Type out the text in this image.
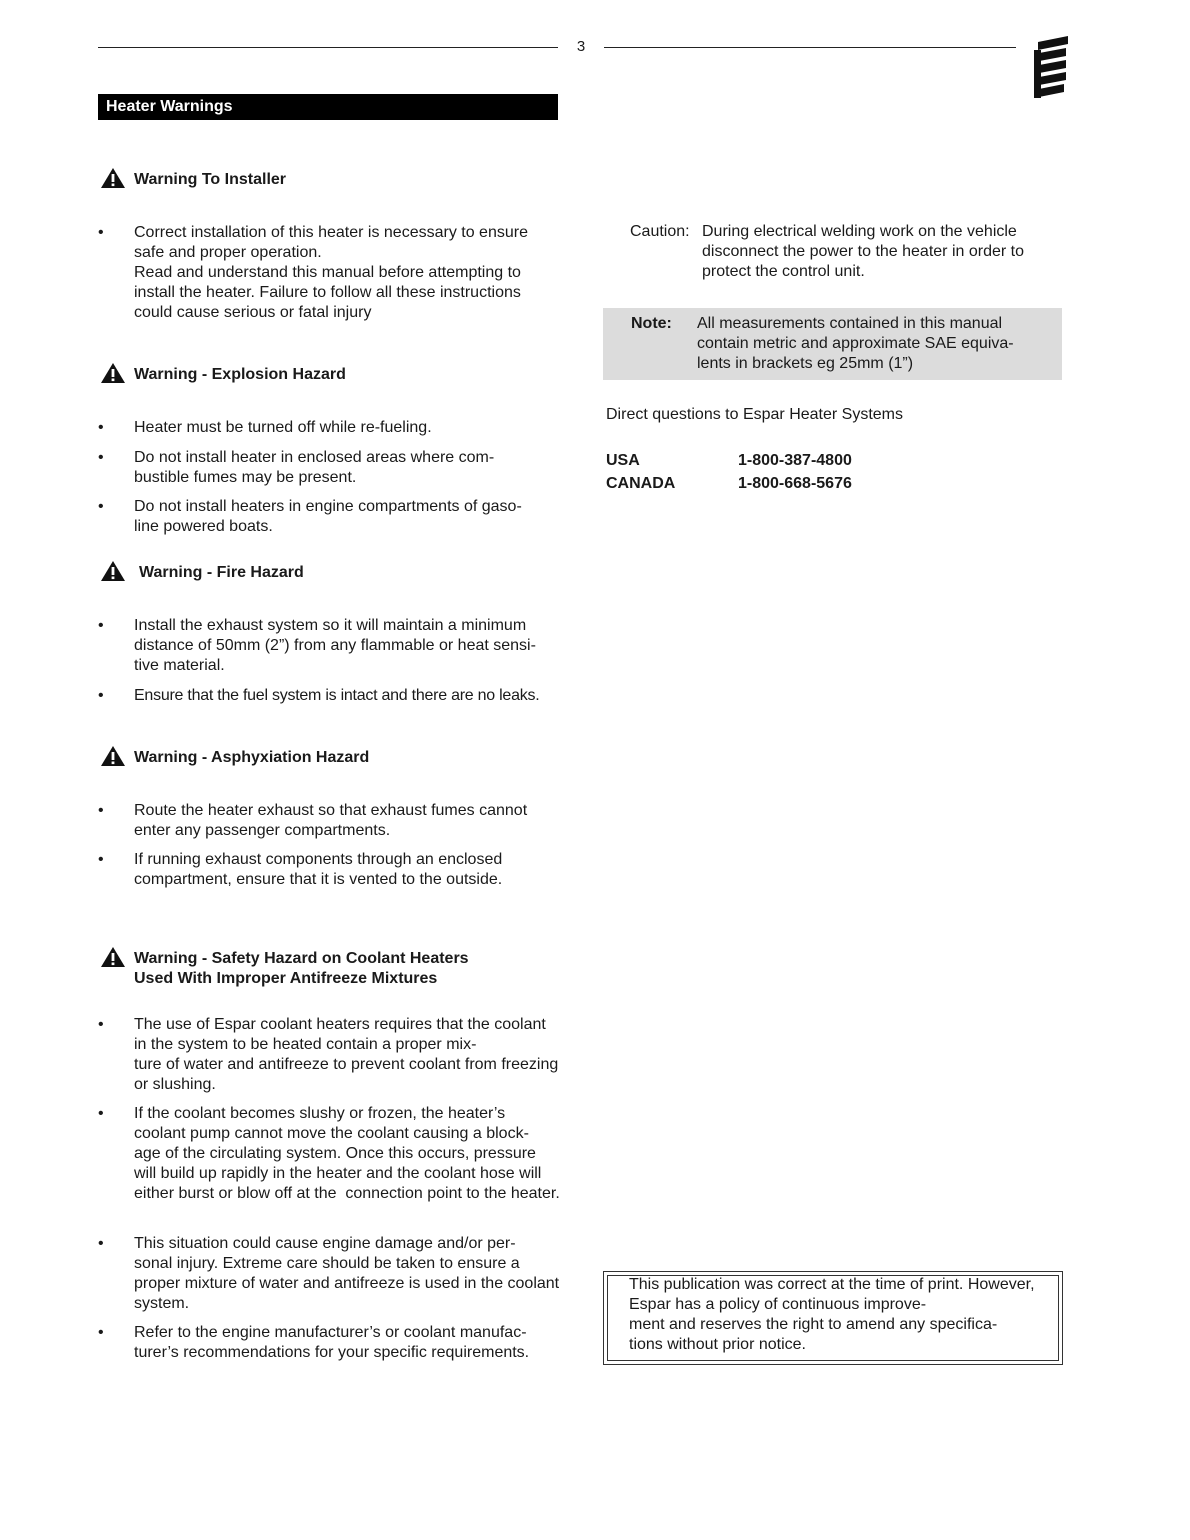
3
Heater Warnings
Warning To Installer
• Correct installation of this heater is necessary to ensure safe and proper operation.
Read and understand this manual before attempting to install the heater. Failure to follow all these instructions could cause serious or fatal injury
Warning - Explosion Hazard
• Heater must be turned off while re-fueling.
• Do not install heater in enclosed areas where com-
bustible fumes may be present.
• Do not install heaters in engine compartments of gaso-
line powered boats.
Warning - Fire Hazard
• Install the exhaust system so it will maintain a minimum distance of 50mm (2”) from any flammable or heat sensi-
tive material.
• Ensure that the fuel system is intact and there are no leaks.
Warning - Asphyxiation Hazard
• Route the heater exhaust so that exhaust fumes cannot enter any passenger compartments.
• If running exhaust components through an enclosed compartment, ensure that it is vented to the outside.
Warning - Safety Hazard on Coolant Heaters
Used With Improper Antifreeze Mixtures
• The use of Espar coolant heaters requires that the coolant in the system to be heated contain a proper mix-
ture of water and antifreeze to prevent coolant from freezing or slushing.
• If the coolant becomes slushy or frozen, the heater’s coolant pump cannot move the coolant causing a block-
age of the circulating system. Once this occurs, pressure will build up rapidly in the heater and the coolant hose will either burst or blow off at the  connection point to the heater.
• This situation could cause engine damage and/or per-
sonal injury. Extreme care should be taken to ensure a proper mixture of water and antifreeze is used in the coolant system.
• Refer to the engine manufacturer’s or coolant manufac-
turer’s recommendations for your specific requirements.
Caution: During electrical welding work on the vehicle disconnect the power to the heater in order to protect the control unit.
Note: All measurements contained in this manual contain metric and approximate SAE equiva-
lents in brackets eg 25mm (1”)
Direct questions to Espar Heater Systems
USA	1-800-387-4800
CANADA	1-800-668-5676
This publication was correct at the time of print. However, Espar has a policy of continuous improve-
ment and reserves the right to amend any specifica-
tions without prior notice.
